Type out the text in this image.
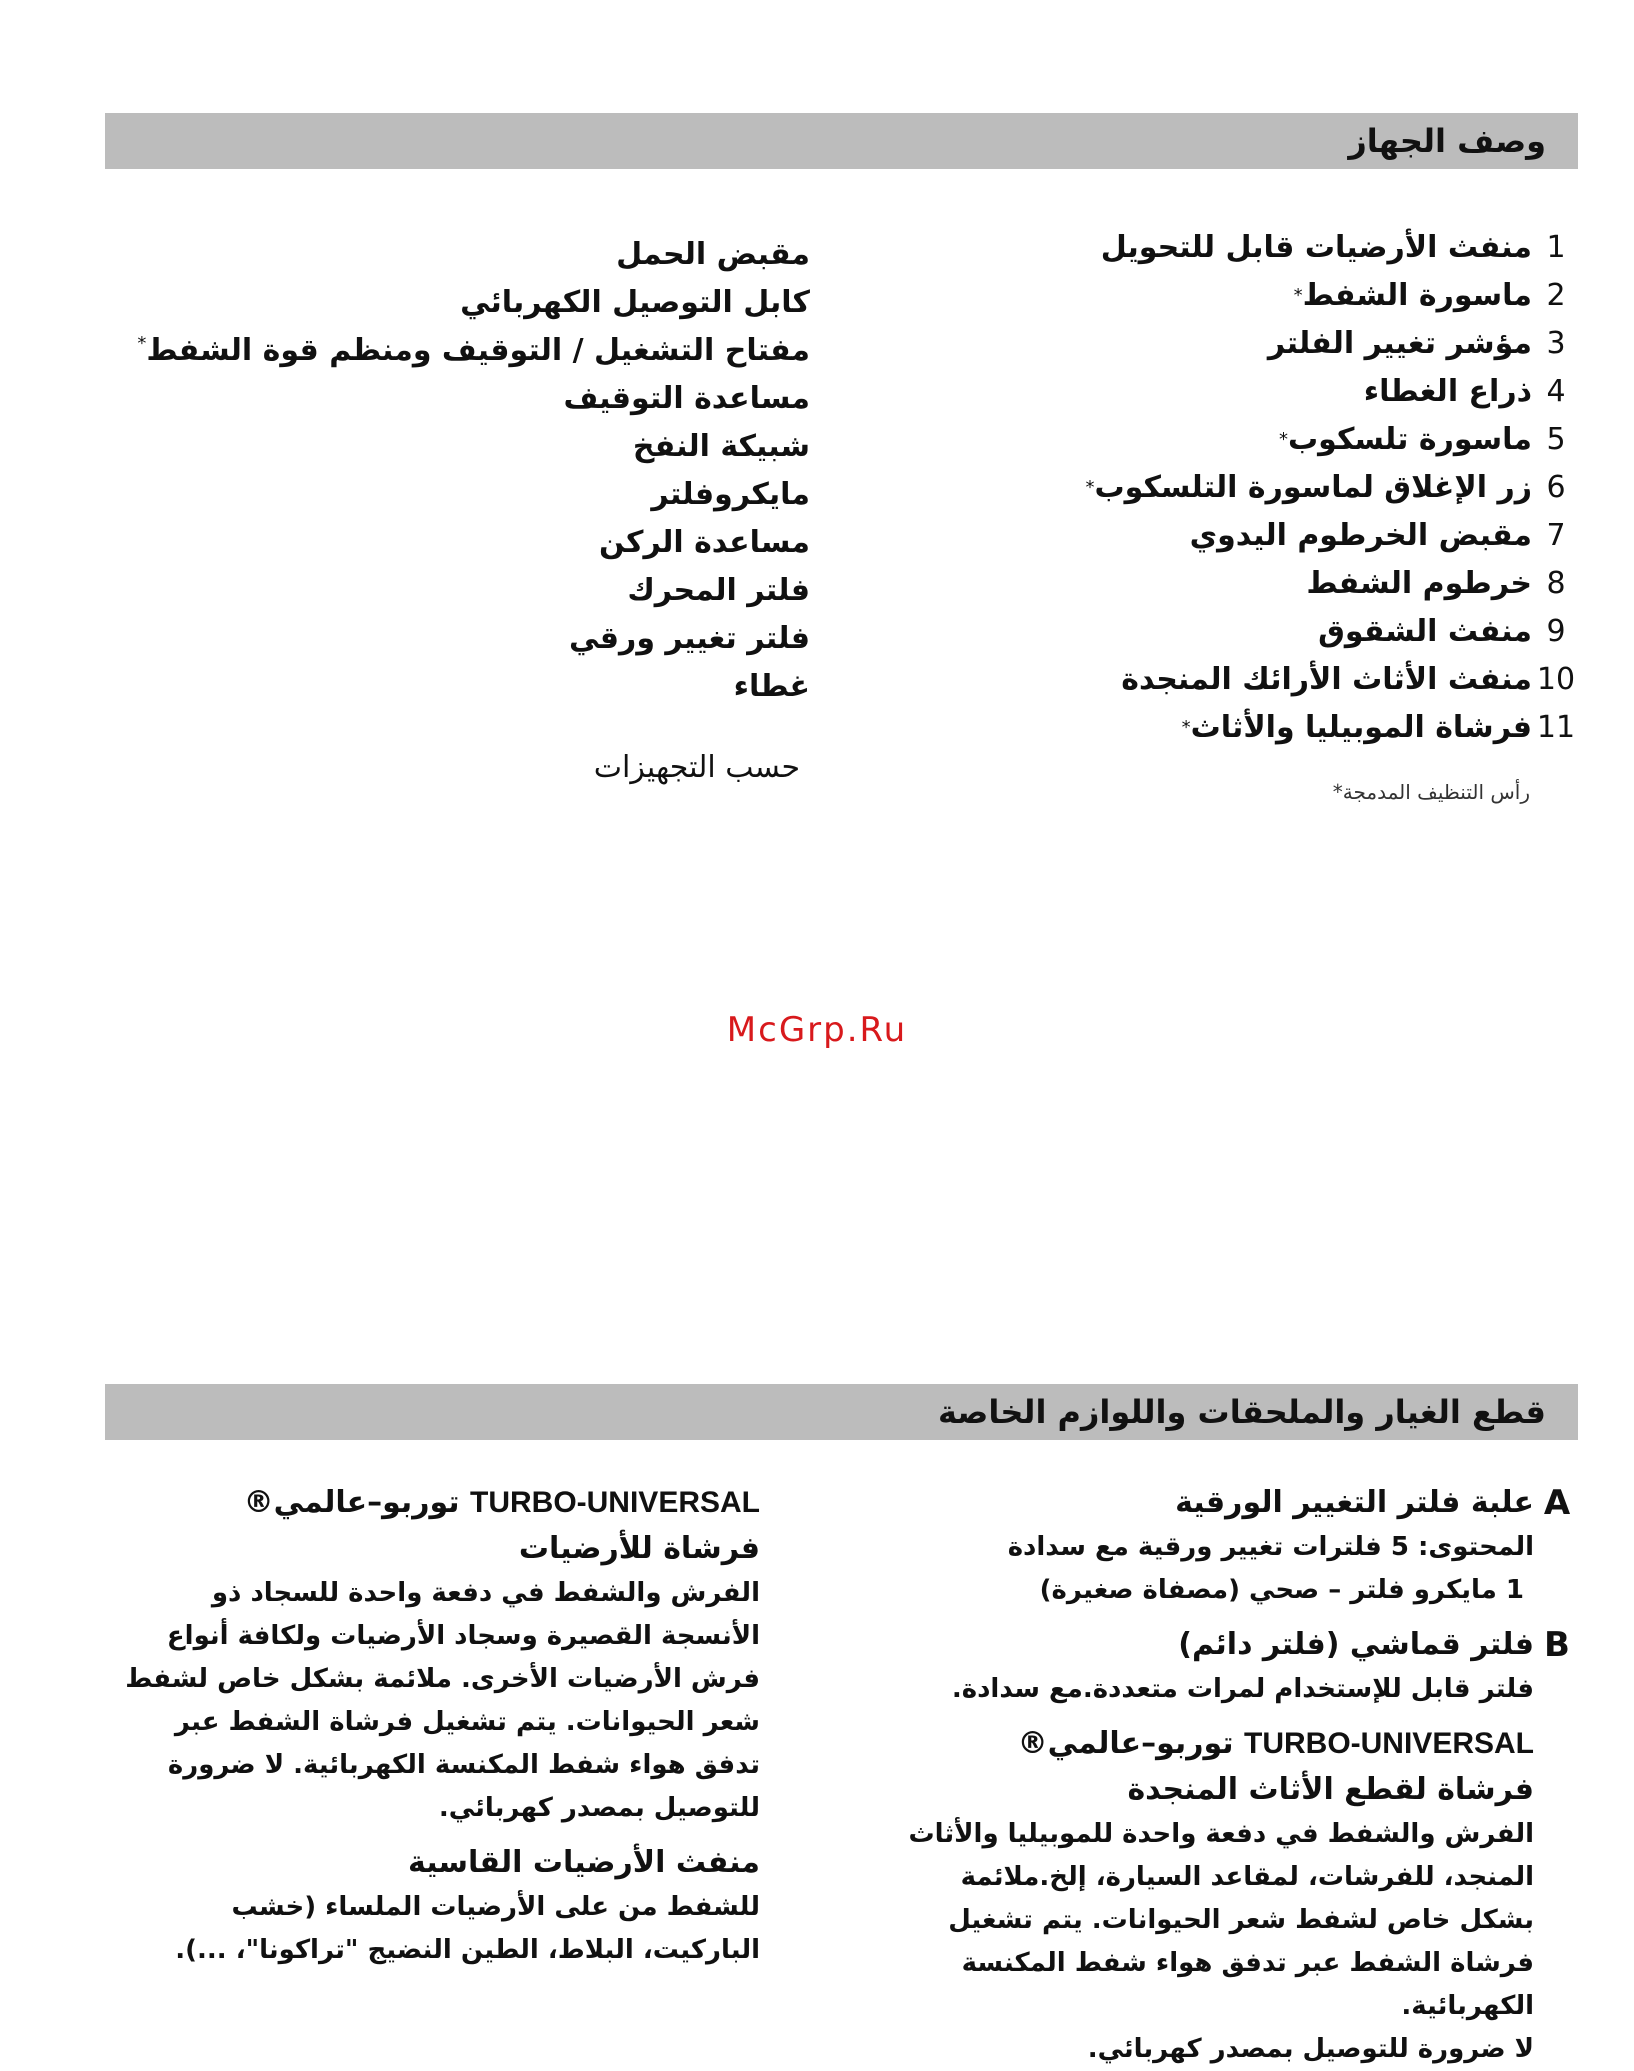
وصف الجهاز
1
منفث الأرضيات قابل للتحويل
2
ماسورة الشفط
*
3
مؤشر تغيير الفلتر
4
ذراع الغطاء
5
ماسورة تلسكوب
*
6
زر الإغلاق لماسورة التلسكوب
*
7
مقبض الخرطوم اليدوي
8
خرطوم الشفط
9
منفث الشقوق
10
منفث الأثاث الأرائك المنجدة
11
فرشاة الموبيليا والأثاث
*
مقبض الحمل
كابل التوصيل الكهربائي
مفتاح التشغيل / التوقيف ومنظم قوة الشفط*
مساعدة التوقيف
شبيكة النفخ
مايكروفلتر
مساعدة الركن
فلتر المحرك
فلتر تغيير ورقي
غطاء
حسب التجهيزات
رأس التنظيف المدمجة*
McGrp.Ru
قطع الغيار والملحقات واللوازم الخاصة
A
علبة فلتر التغيير الورقية
المحتوى: 5 فلترات تغيير ورقية مع سدادة
1 مايكرو فلتر – صحي (مصفاة صغيرة)
B
فلتر قماشي (فلتر دائم)
فلتر قابل للإستخدام لمرات متعددة.مع سدادة.
TURBO-UNIVERSAL توربو–عالمي®
فرشاة لقطع الأثاث المنجدة
الفرش والشفط في دفعة واحدة للموبيليا والأثاث المنجد، للفرشات، لمقاعد السيارة، إلخ.ملائمة بشكل خاص لشفط شعر الحيوانات. يتم تشغيل فرشاة الشفط عبر تدفق هواء شفط المكنسة الكهربائية.
لا ضرورة للتوصيل بمصدر كهربائي.
TURBO-UNIVERSAL توربو–عالمي®
فرشاة للأرضيات
الفرش والشفط في دفعة واحدة للسجاد ذو الأنسجة القصيرة وسجاد الأرضيات ولكافة أنواع فرش الأرضيات الأخرى. ملائمة بشكل خاص لشفط شعر الحيوانات. يتم تشغيل فرشاة الشفط عبر تدفق هواء شفط المكنسة الكهربائية. لا ضرورة للتوصيل بمصدر كهربائي.
منفث الأرضيات القاسية
للشفط من على الأرضيات الملساء (خشب الباركيت، البلاط، الطين النضيج "تراكونا"، ...).
